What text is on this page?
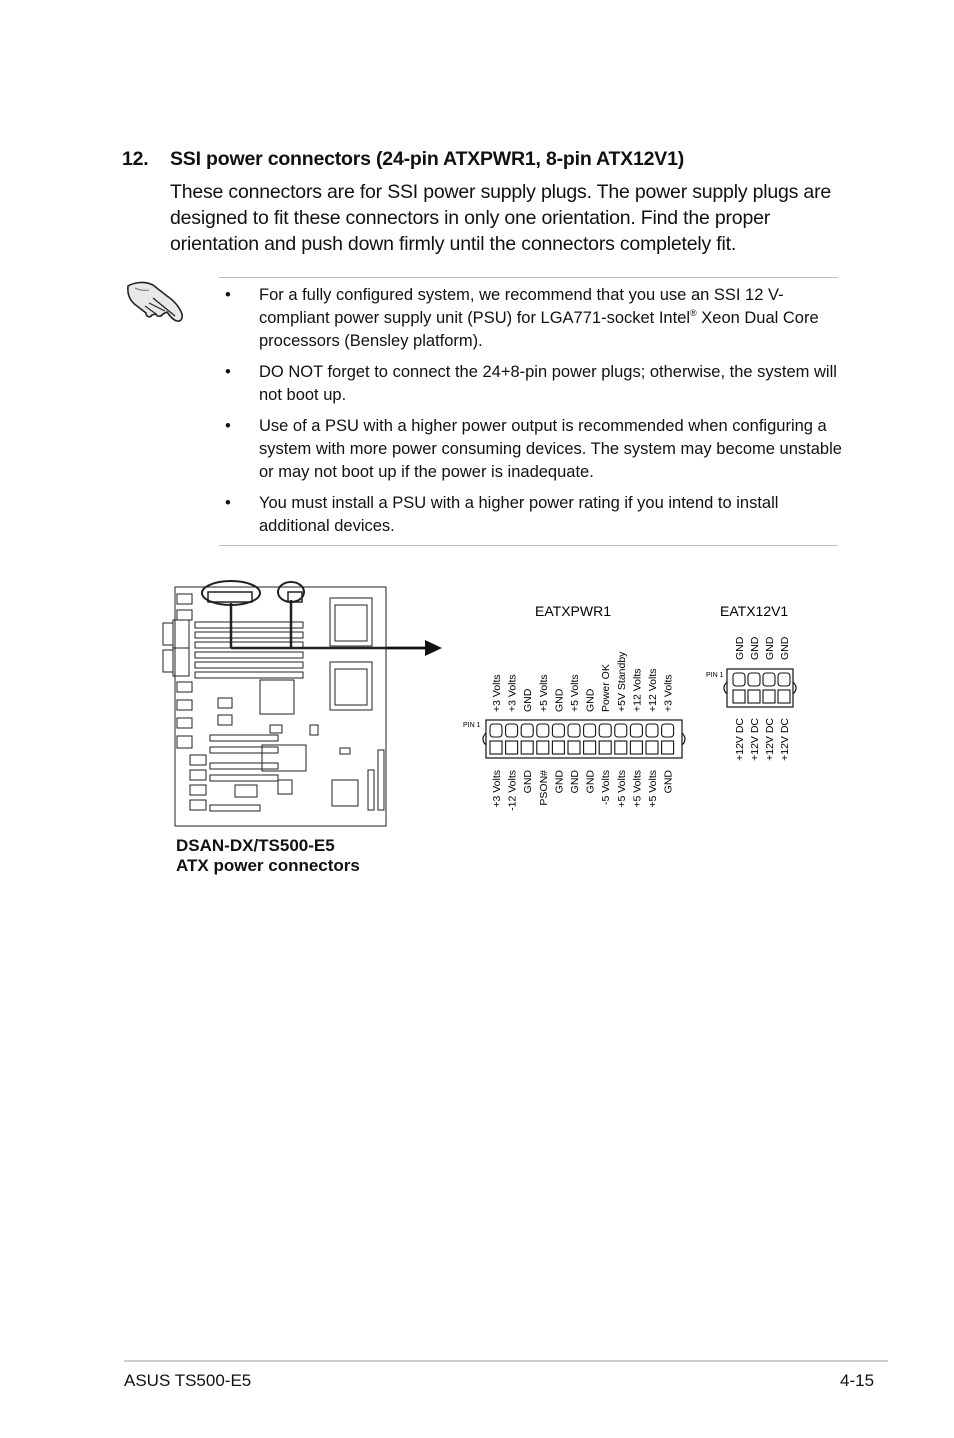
12. SSI power connectors (24-pin ATXPWR1, 8-pin ATX12V1)
These connectors are for SSI power supply plugs. The power supply plugs are designed to fit these connectors in only one orientation. Find the proper orientation and push down firmly until the connectors completely fit.
• For a fully configured system, we recommend that you use an SSI 12 V-compliant power supply unit (PSU) for LGA771-socket Intel® Xeon Dual Core processors (Bensley platform).
• DO NOT forget to connect the 24+8-pin power plugs; otherwise, the system will not boot up.
• Use of a PSU with a higher power output is recommended when configuring a system with more power consuming devices. The system may become unstable or may not boot up if the power is inadequate.
• You must install a PSU with a higher power rating if you intend to install additional devices.
EATXPWR1	EATX12V1
PIN 1
+3 Volts +3 Volts GND +5 Volts GND +5 Volts GND Power OK +5V Standby +12 Volts +12 Volts +3 Volts
+3 Volts -12 Volts GND PSON# GND GND GND -5 Volts +5 Volts +5 Volts +5 Volts GND
PIN 1
GND GND GND GND
+12V DC +12V DC +12V DC +12V DC
DSAN-DX/TS500-E5
ATX power connectors
ASUS TS500-E5	4-15
